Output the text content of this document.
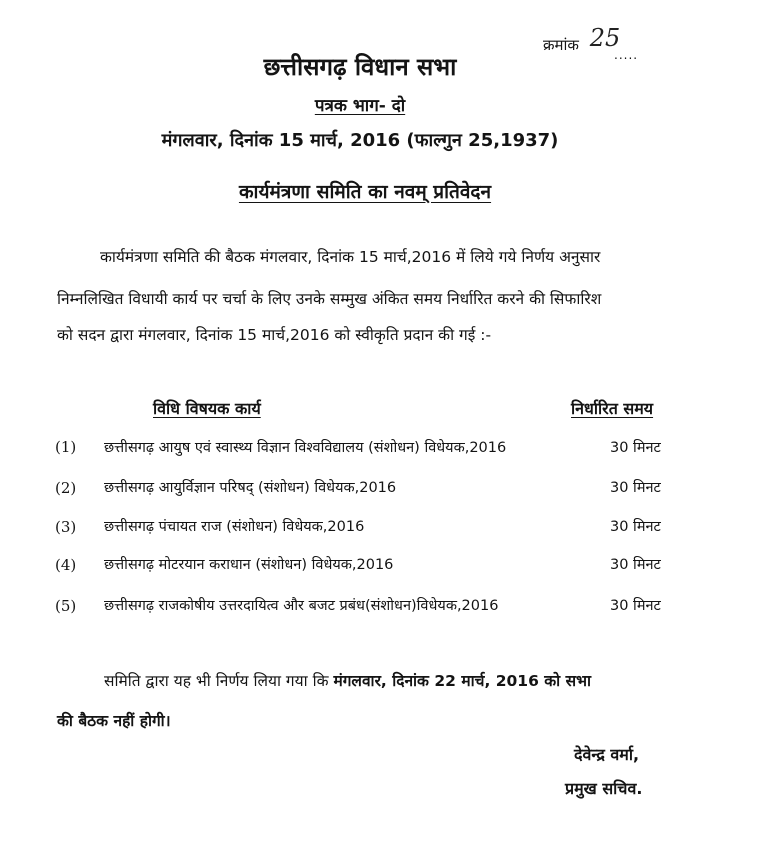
क्रमांक
.....
25
छत्तीसगढ़ विधान सभा
पत्रक भाग- दो
मंगलवार, दिनांक 15 मार्च, 2016 (फाल्गुन 25,1937)
कार्यमंत्रणा समिति का नवम् प्रतिवेदन
कार्यमंत्रणा समिति की बैठक मंगलवार, दिनांक 15 मार्च,2016 में लिये गये निर्णय अनुसार
निम्नलिखित विधायी कार्य पर चर्चा के लिए उनके सम्मुख अंकित समय निर्धारित करने की सिफारिश
को सदन द्वारा मंगलवार, दिनांक 15 मार्च,2016 को स्वीकृति प्रदान की गई :-
विधि विषयक कार्य	निर्धारित समय
(1) छत्तीसगढ़ आयुष एवं स्वास्थ्य विज्ञान विश्वविद्यालय (संशोधन) विधेयक,2016	30 मिनट
(2) छत्तीसगढ़ आयुर्विज्ञान परिषद् (संशोधन) विधेयक,2016	30 मिनट
(3) छत्तीसगढ़ पंचायत राज (संशोधन) विधेयक,2016	30 मिनट
(4) छत्तीसगढ़ मोटरयान कराधान (संशोधन) विधेयक,2016	30 मिनट
(5) छत्तीसगढ़ राजकोषीय उत्तरदायित्व और बजट प्रबंध(संशोधन)विधेयक,2016	30 मिनट
समिति द्वारा यह भी निर्णय लिया गया कि मंगलवार, दिनांक 22 मार्च, 2016 को सभा
की बैठक नहीं होगी।
देवेन्द्र वर्मा,
प्रमुख सचिव.
